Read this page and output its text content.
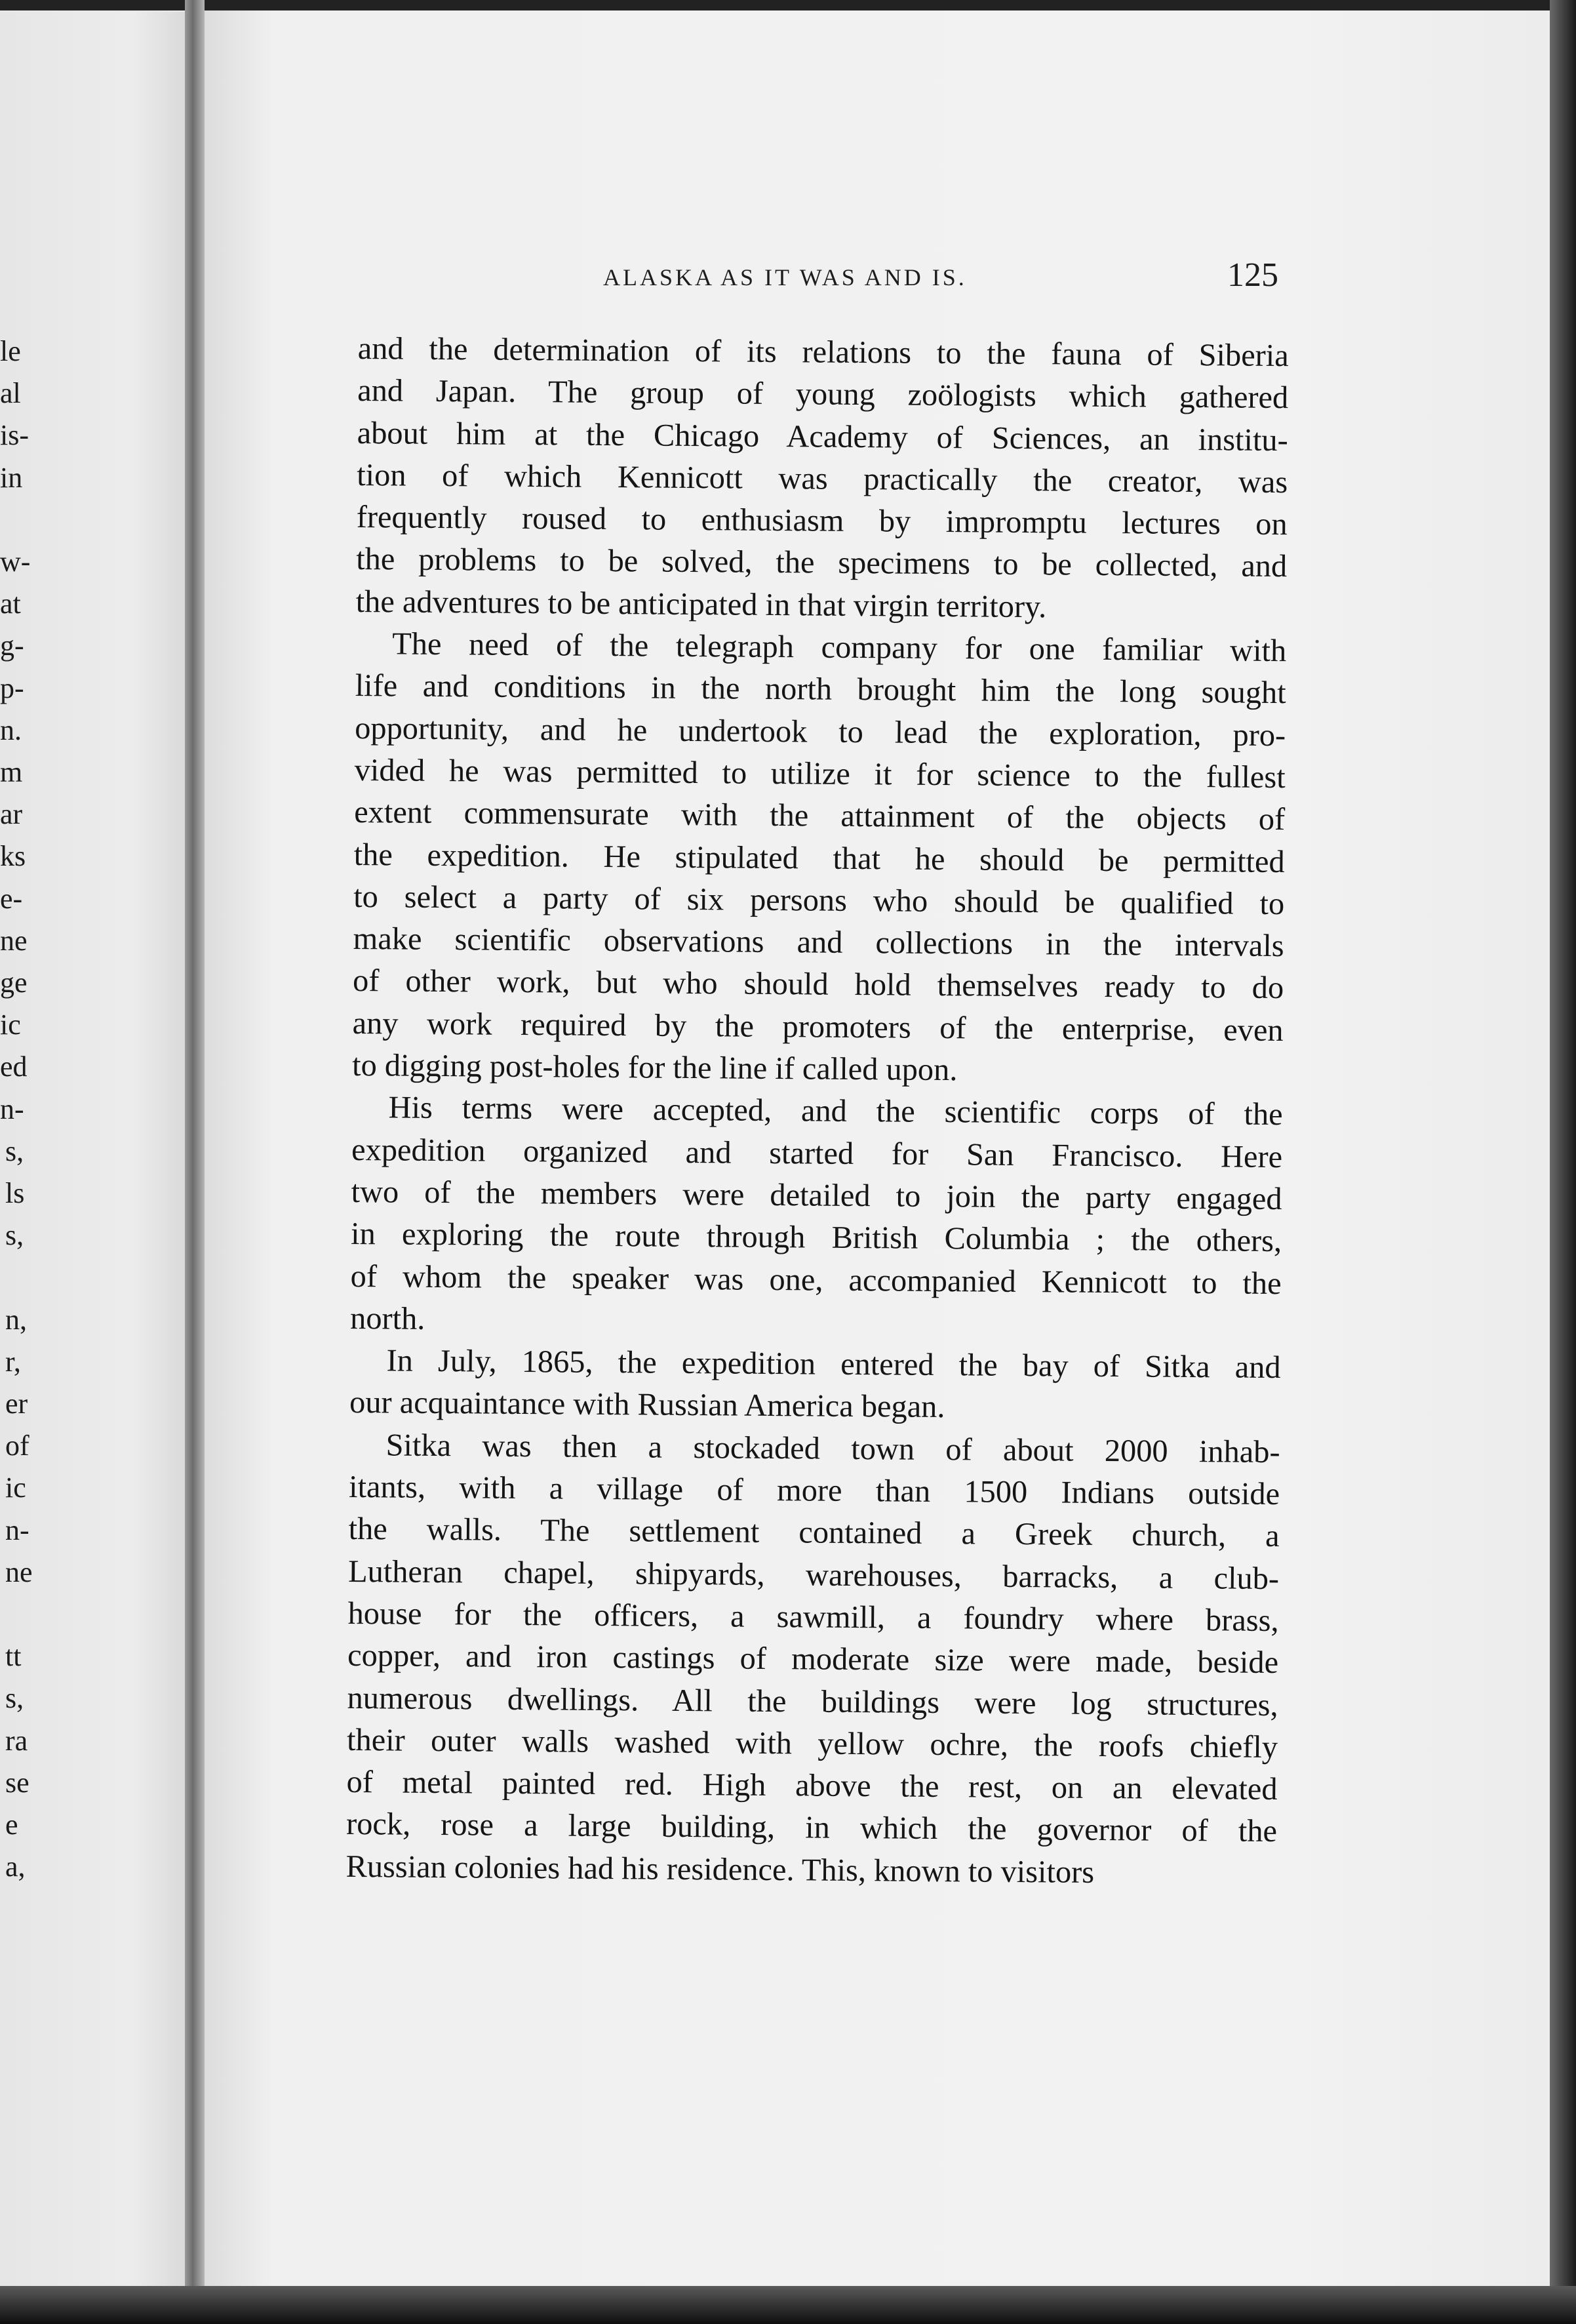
le
al
is-
in
w-
at
g-
p-
n.
m
ar
ks
e-
ne
ge
ic
ed
n-
s,
ls
s,
n,
r,
er
of
ic
n-
ne
tt
s,
ra
se
e
a,
ALASKA AS IT WAS AND IS.	125
and the determination of its relations to the fauna of Siberia
and Japan. The group of young zoölogists which gathered
about him at the Chicago Academy of Sciences, an institu-
tion of which Kennicott was practically the creator, was
frequently roused to enthusiasm by impromptu lectures on
the problems to be solved, the specimens to be collected, and
the adventures to be anticipated in that virgin territory.
The need of the telegraph company for one familiar with
life and conditions in the north brought him the long sought
opportunity, and he undertook to lead the exploration, pro-
vided he was permitted to utilize it for science to the fullest
extent commensurate with the attainment of the objects of
the expedition. He stipulated that he should be permitted
to select a party of six persons who should be qualified to
make scientific observations and collections in the intervals
of other work, but who should hold themselves ready to do
any work required by the promoters of the enterprise, even
to digging post-holes for the line if called upon.
His terms were accepted, and the scientific corps of the
expedition organized and started for San Francisco. Here
two of the members were detailed to join the party engaged
in exploring the route through British Columbia ; the others,
of whom the speaker was one, accompanied Kennicott to the
north.
In July, 1865, the expedition entered the bay of Sitka and
our acquaintance with Russian America began.
Sitka was then a stockaded town of about 2000 inhab-
itants, with a village of more than 1500 Indians outside
the walls. The settlement contained a Greek church, a
Lutheran chapel, shipyards, warehouses, barracks, a club-
house for the officers, a sawmill, a foundry where brass,
copper, and iron castings of moderate size were made, beside
numerous dwellings. All the buildings were log structures,
their outer walls washed with yellow ochre, the roofs chiefly
of metal painted red. High above the rest, on an elevated
rock, rose a large building, in which the governor of the
Russian colonies had his residence. This, known to visitors
